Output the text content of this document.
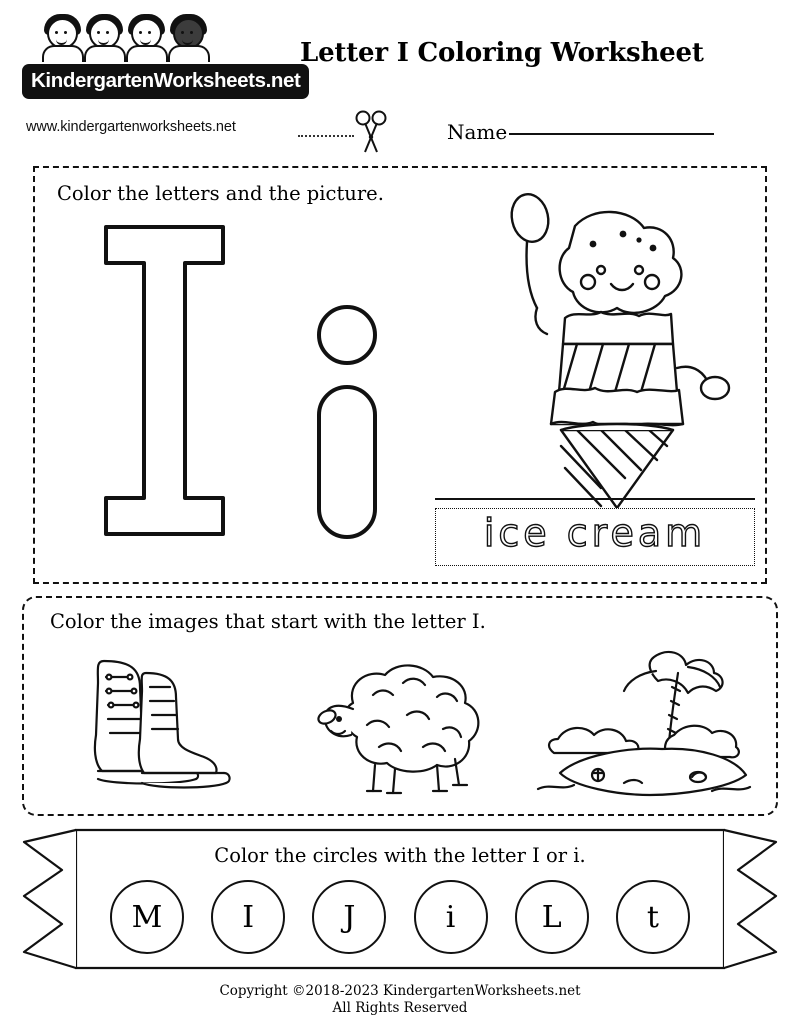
KindergartenWorksheets.net
www.kindergartenworksheets.net
Letter I Coloring Worksheet
Name
Color the letters and the picture.
ice cream
Color the images that start with the letter I.
Color the circles with the letter I or i.
M	I	J	i	L	t
Copyright ©2018-2023 KindergartenWorksheets.net
All Rights Reserved
